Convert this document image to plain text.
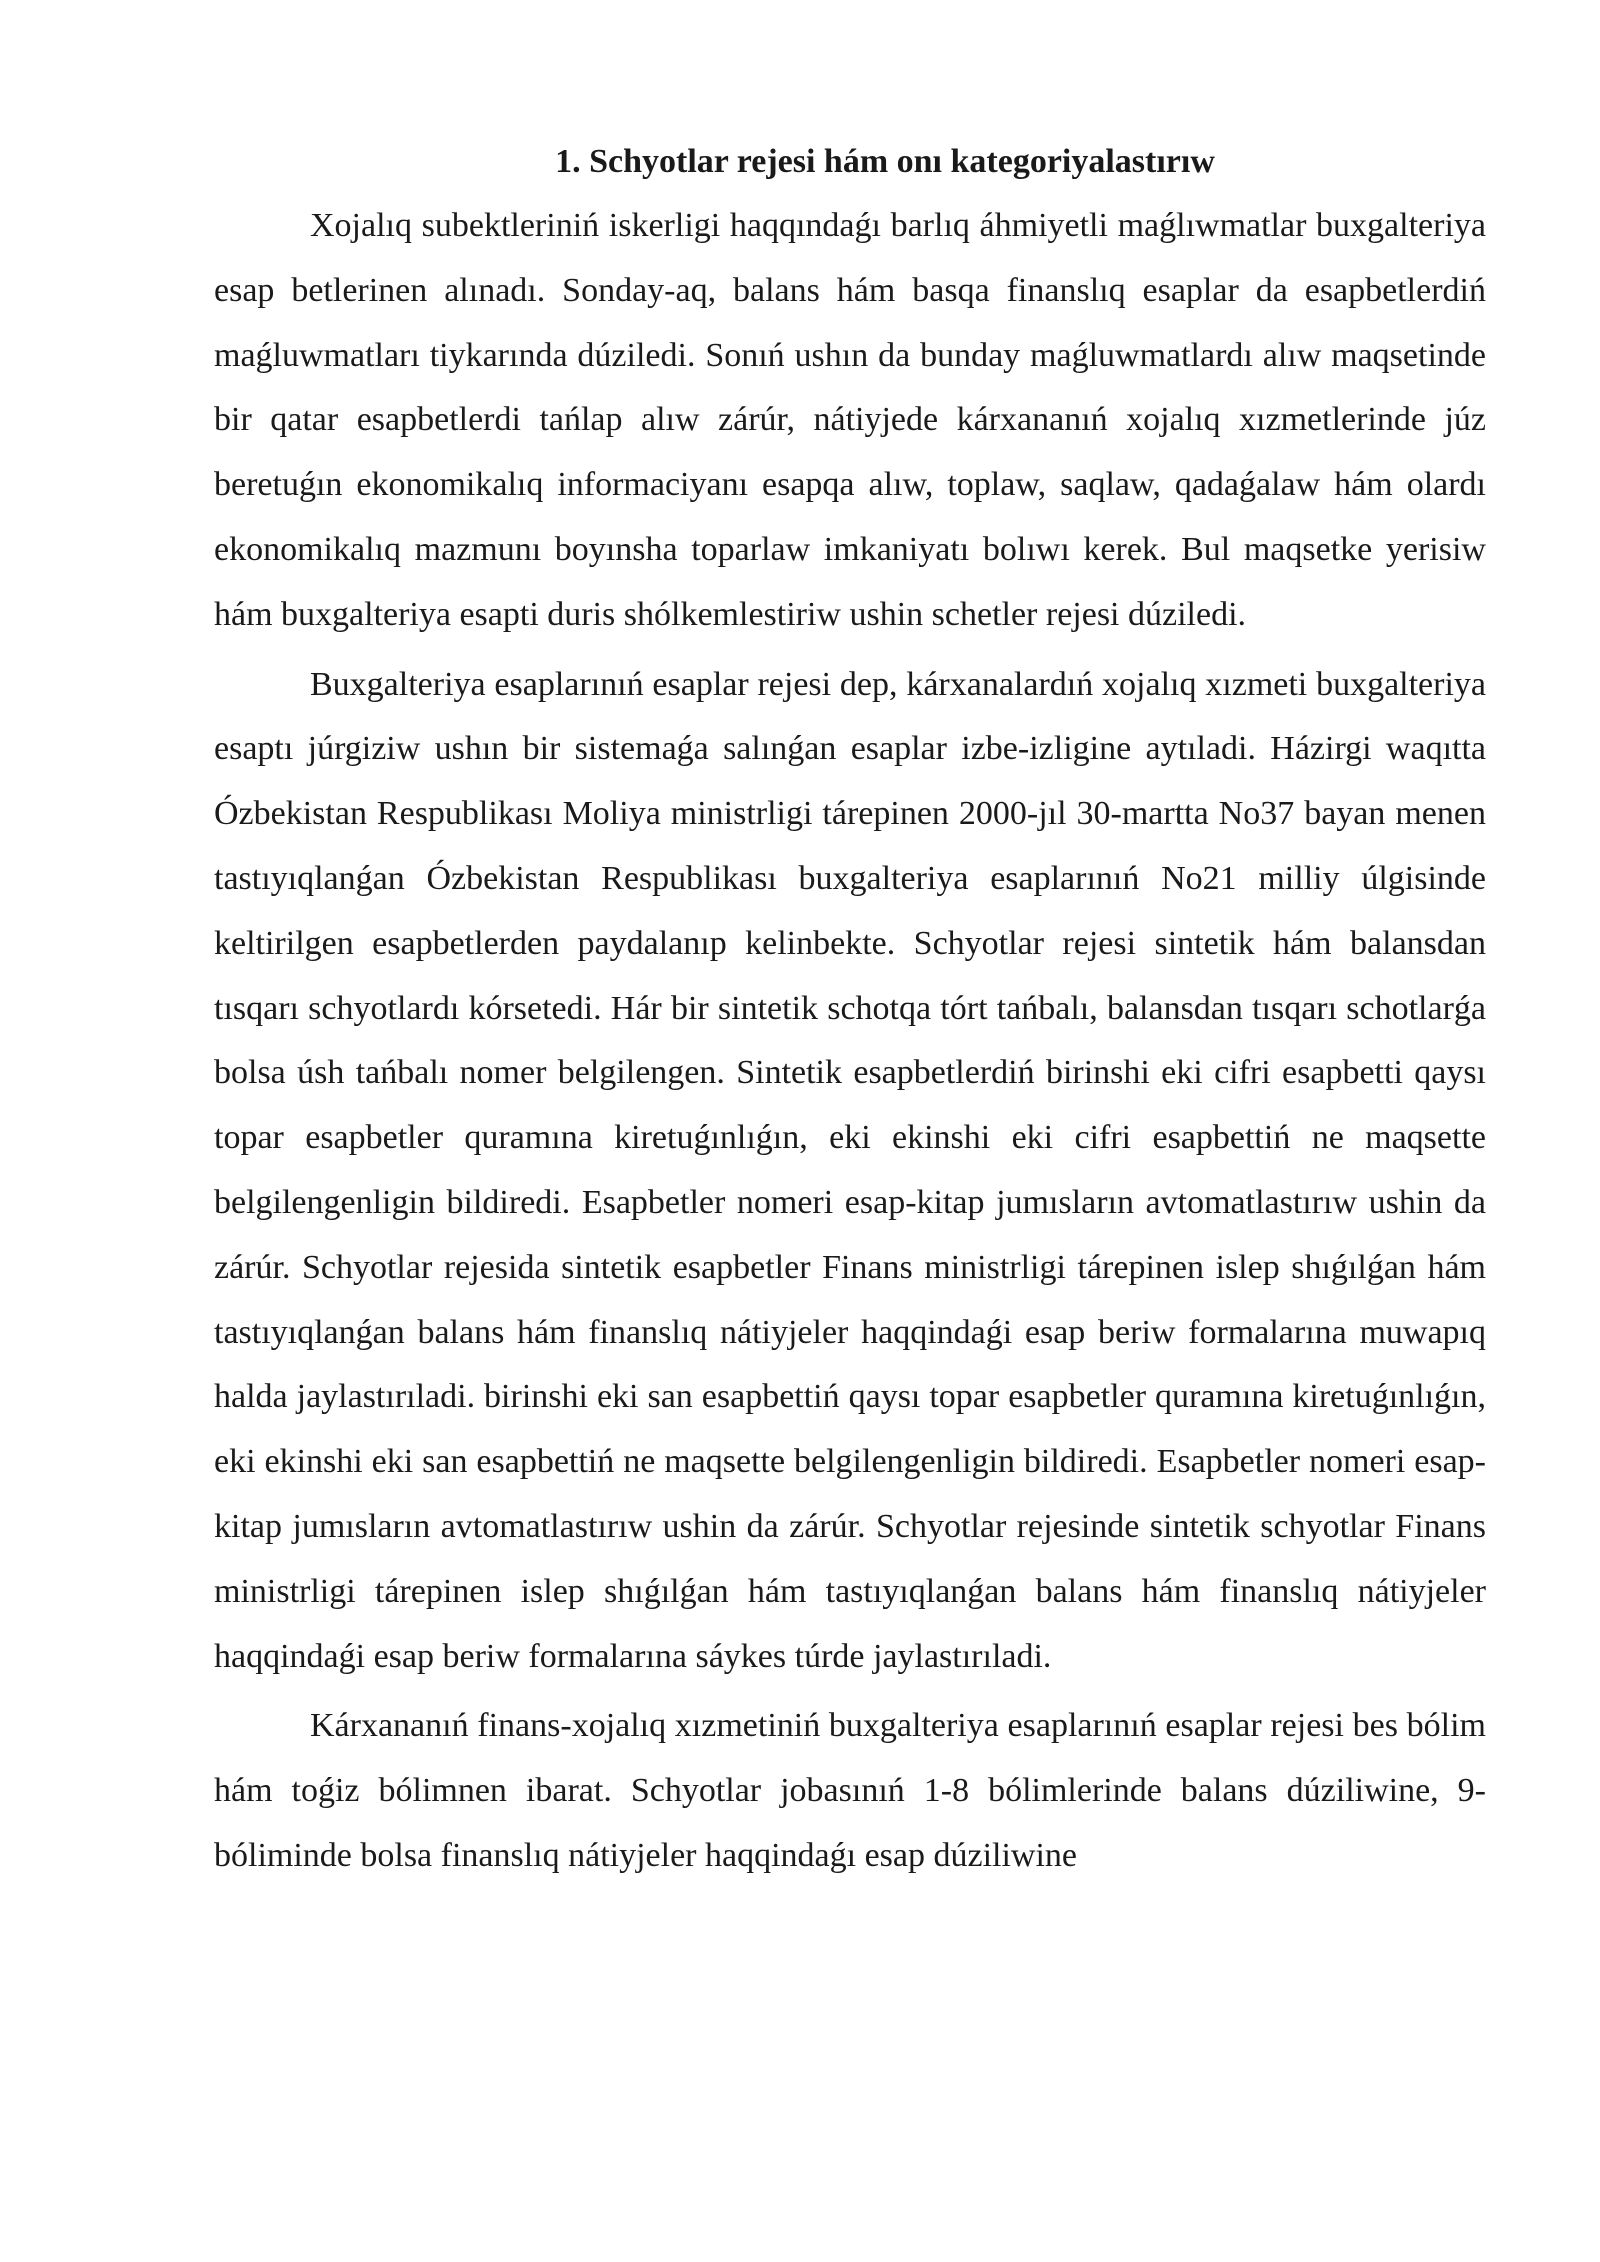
1. Schyotlar rejesi hám onı kategoriyalastırıw

Xojalıq subektleriniń iskerligi haqqındaǵı barlıq áhmiyetli maǵlıwmatlar buxgalteriya esap betlerinen alınadı. Sonday-aq, balans hám basqa finanslıq esaplar da esapbetlerdiń maǵluwmatları tiykarında dúziledi. Sonıń ushın da bunday maǵluwmatlardı alıw maqsetinde bir qatar esapbetlerdi tańlap alıw zárúr, nátiyjede kárxananıń xojalıq xızmetlerinde júz beretuǵın ekonomikalıq informaciyanı esapqa alıw, toplaw, saqlaw, qadaǵalaw hám olardı ekonomikalıq mazmunı boyınsha toparlaw imkaniyatı bolıwı kerek. Bul maqsetke yerisiw hám buxgalteriya esapti duris shólkemlestiriw ushin schetler rejesi dúziledi.

Buxgalteriya esaplarınıń esaplar rejesi dep, kárxanalardıń xojalıq xızmeti buxgalteriya esaptı júrgiziw ushın bir sistemaǵa salınǵan esaplar izbe-izligine aytıladi. Házirgi waqıtta Ózbekistan Respublikası Moliya ministrligi tárepinen 2000-jıl 30-martta No37 bayan menen tastıyıqlanǵan Ózbekistan Respublikası buxgalteriya esaplarınıń No21 milliy úlgisinde keltirilgen esapbetlerden paydalanıp kelinbekte. Schyotlar rejesi sintetik hám balansdan tısqarı schyotlardı kórsetedi. Hár bir sintetik schotqa tórt tańbalı, balansdan tısqarı schotlarǵa bolsa úsh tańbalı nomer belgilengen. Sintetik esapbetlerdiń birinshi eki cifri esapbetti qaysı topar esapbetler quramına kiretuǵınlıǵın, eki ekinshi eki cifri esapbettiń ne maqsette belgilengenligin bildiredi. Esapbetler nomeri esap-kitap jumısların avtomatlastırıw ushin da zárúr. Schyotlar rejesida sintetik esapbetler Finans ministrligi tárepinen islep shıǵılǵan hám tastıyıqlanǵan balans hám finanslıq nátiyjeler haqqindaǵi esap beriw formalarına muwapıq halda jaylastırıladi. birinshi eki san esapbettiń qaysı topar esapbetler quramına kiretuǵınlıǵın, eki ekinshi eki san esapbettiń ne maqsette belgilengenligin bildiredi. Esapbetler nomeri esap-kitap jumısların avtomatlastırıw ushin da zárúr. Schyotlar rejesinde sintetik schyotlar Finans ministrligi tárepinen islep shıǵılǵan hám tastıyıqlanǵan balans hám finanslıq nátiyjeler haqqindaǵi esap beriw formalarına sáykes túrde jaylastırıladi.

Kárxananıń finans-xojalıq xızmetiniń buxgalteriya esaplarınıń esaplar rejesi bes bólim hám toǵiz bólimnen ibarat. Schyotlar jobasınıń 1-8 bólimlerinde balans dúziliwine, 9-bóliminde bolsa finanslıq nátiyjeler haqqindaǵı esap dúziliwine
